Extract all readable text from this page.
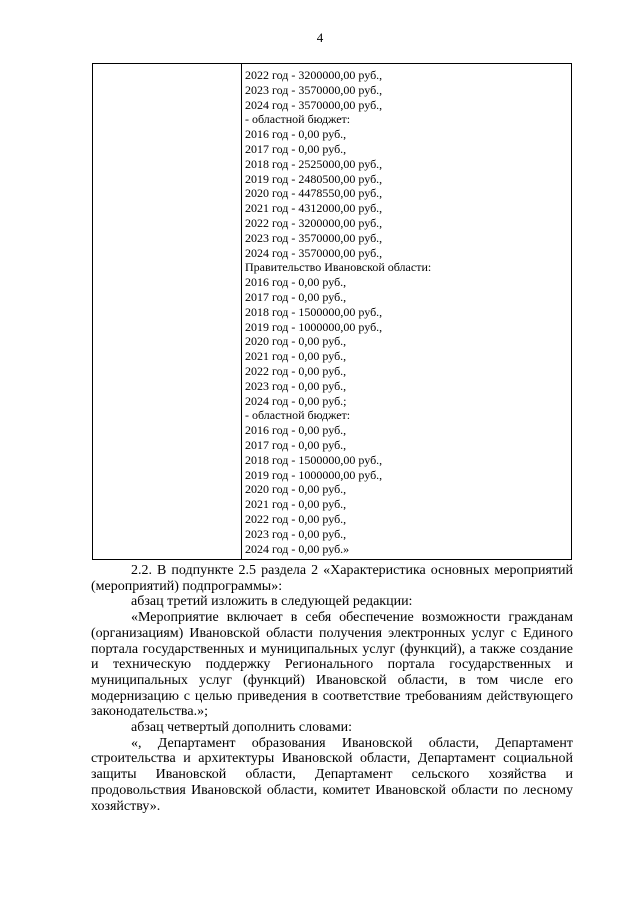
4
2022 год - 3200000,00 руб.,
2023 год - 3570000,00 руб.,
2024 год - 3570000,00 руб.,
- областной бюджет:
2016 год - 0,00 руб.,
2017 год - 0,00 руб.,
2018 год - 2525000,00 руб.,
2019 год - 2480500,00 руб.,
2020 год - 4478550,00 руб.,
2021 год - 4312000,00 руб.,
2022 год - 3200000,00 руб.,
2023 год - 3570000,00 руб.,
2024 год - 3570000,00 руб.,
Правительство Ивановской области:
2016 год - 0,00 руб.,
2017 год - 0,00 руб.,
2018 год - 1500000,00 руб.,
2019 год - 1000000,00 руб.,
2020 год - 0,00 руб.,
2021 год - 0,00 руб.,
2022 год - 0,00 руб.,
2023 год - 0,00 руб.,
2024 год - 0,00 руб.;
- областной бюджет:
2016 год - 0,00 руб.,
2017 год - 0,00 руб.,
2018 год - 1500000,00 руб.,
2019 год - 1000000,00 руб.,
2020 год - 0,00 руб.,
2021 год - 0,00 руб.,
2022 год - 0,00 руб.,
2023 год - 0,00 руб.,
2024 год - 0,00 руб.»

2.2. В подпункте 2.5 раздела 2 «Характеристика основных мероприятий (мероприятий) подпрограммы»:

абзац третий изложить в следующей редакции:

«Мероприятие включает в себя обеспечение возможности гражданам (организациям) Ивановской области получения электронных услуг с Единого портала государственных и муниципальных услуг (функций), а также создание и техническую поддержку Регионального портала государственных и муниципальных услуг (функций) Ивановской области, в том числе его модернизацию с целью приведения в соответствие требованиям действующего законодательства.»;

абзац четвертый дополнить словами:

«, Департамент образования Ивановской области, Департамент строительства и архитектуры Ивановской области, Департамент социальной защиты Ивановской области, Департамент сельского хозяйства и продовольствия Ивановской области, комитет Ивановской области по лесному хозяйству».
